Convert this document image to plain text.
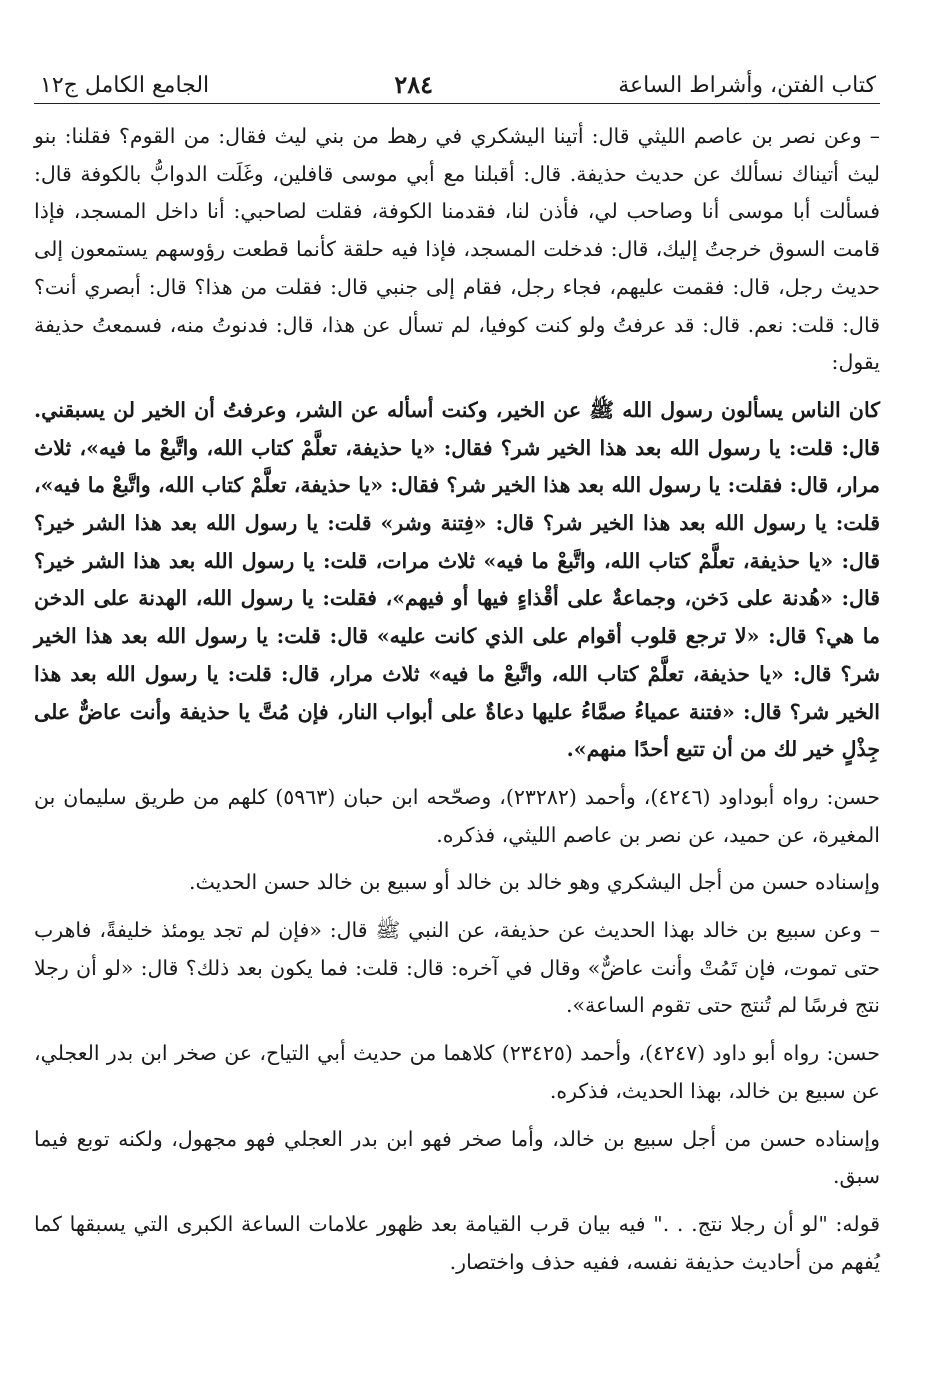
كتاب الفتن، وأشراط الساعة
٢٨٤
الجامع الكامل ج١٢

– وعن نصر بن عاصم الليثي قال: أتينا اليشكري في رهط من بني ليث فقال: من القوم؟ فقلنا: بنو ليث أتيناك نسألك عن حديث حذيفة. قال: أقبلنا مع أبي موسى قافلين، وغَلَت الدوابُّ بالكوفة قال: فسألت أبا موسى أنا وصاحب لي، فأذن لنا، فقدمنا الكوفة، فقلت لصاحبي: أنا داخل المسجد، فإذا قامت السوق خرجتُ إليك، قال: فدخلت المسجد، فإذا فيه حلقة كأنما قطعت رؤوسهم يستمعون إلى حديث رجل، قال: فقمت عليهم، فجاء رجل، فقام إلى جنبي قال: فقلت من هذا؟ قال: أبصري أنت؟ قال: قلت: نعم. قال: قد عرفتُ ولو كنت كوفيا، لم تسأل عن هذا، قال: فدنوتُ منه، فسمعتُ حذيفة يقول:

كان الناس يسألون رسول الله ﷺ عن الخير، وكنت أسأله عن الشر، وعرفتُ أن الخير لن يسبقني. قال: قلت: يا رسول الله بعد هذا الخير شر؟ فقال: «يا حذيفة، تعلَّمْ كتاب الله، واتَّبعْ ما فيه»، ثلاث مرار، قال: فقلت: يا رسول الله بعد هذا الخير شر؟ فقال: «يا حذيفة، تعلَّمْ كتاب الله، واتَّبعْ ما فيه»، قلت: يا رسول الله بعد هذا الخير شر؟ قال: «فِتنة وشر» قلت: يا رسول الله بعد هذا الشر خير؟ قال: «يا حذيفة، تعلَّمْ كتاب الله، واتَّبعْ ما فيه» ثلاث مرات، قلت: يا رسول الله بعد هذا الشر خير؟ قال: «هُدنة على دَخن، وجماعةٌ على أقْذاءٍ فيها أو فيهم»، فقلت: يا رسول الله، الهدنة على الدخن ما هي؟ قال: «لا ترجع قلوب أقوام على الذي كانت عليه» قال: قلت: يا رسول الله بعد هذا الخير شر؟ قال: «يا حذيفة، تعلَّمْ كتاب الله، واتَّبعْ ما فيه» ثلاث مرار، قال: قلت: يا رسول الله بعد هذا الخير شر؟ قال: «فتنة عمياءُ صمَّاءُ عليها دعاةٌ على أبواب النار، فإن مُتَّ يا حذيفة وأنت عاضٌّ على جِذْلٍ خير لك من أن تتبع أحدًا منهم».

حسن: رواه أبوداود (٤٢٤٦)، وأحمد (٢٣٢٨٢)، وصحّحه ابن حبان (٥٩٦٣) كلهم من طريق سليمان بن المغيرة، عن حميد، عن نصر بن عاصم الليثي، فذكره.

وإسناده حسن من أجل اليشكري وهو خالد بن خالد أو سبيع بن خالد حسن الحديث.

– وعن سبيع بن خالد بهذا الحديث عن حذيفة، عن النبي ﷺ قال: «فإن لم تجد يومئذ خليفةً، فاهرب حتى تموت، فإن تَمُتْ وأنت عاضٌّ» وقال في آخره: قال: قلت: فما يكون بعد ذلك؟ قال: «لو أن رجلا نتج فرسًا لم تُنتج حتى تقوم الساعة».

حسن: رواه أبو داود (٤٢٤٧)، وأحمد (٢٣٤٢٥) كلاهما من حديث أبي التياح، عن صخر ابن بدر العجلي، عن سبيع بن خالد، بهذا الحديث، فذكره.

وإسناده حسن من أجل سبيع بن خالد، وأما صخر فهو ابن بدر العجلي فهو مجهول، ولكنه توبع فيما سبق.

قوله: "لو أن رجلا نتج. . ." فيه بيان قرب القيامة بعد ظهور علامات الساعة الكبرى التي يسبقها كما يُفهم من أحاديث حذيفة نفسه، ففيه حذف واختصار.
